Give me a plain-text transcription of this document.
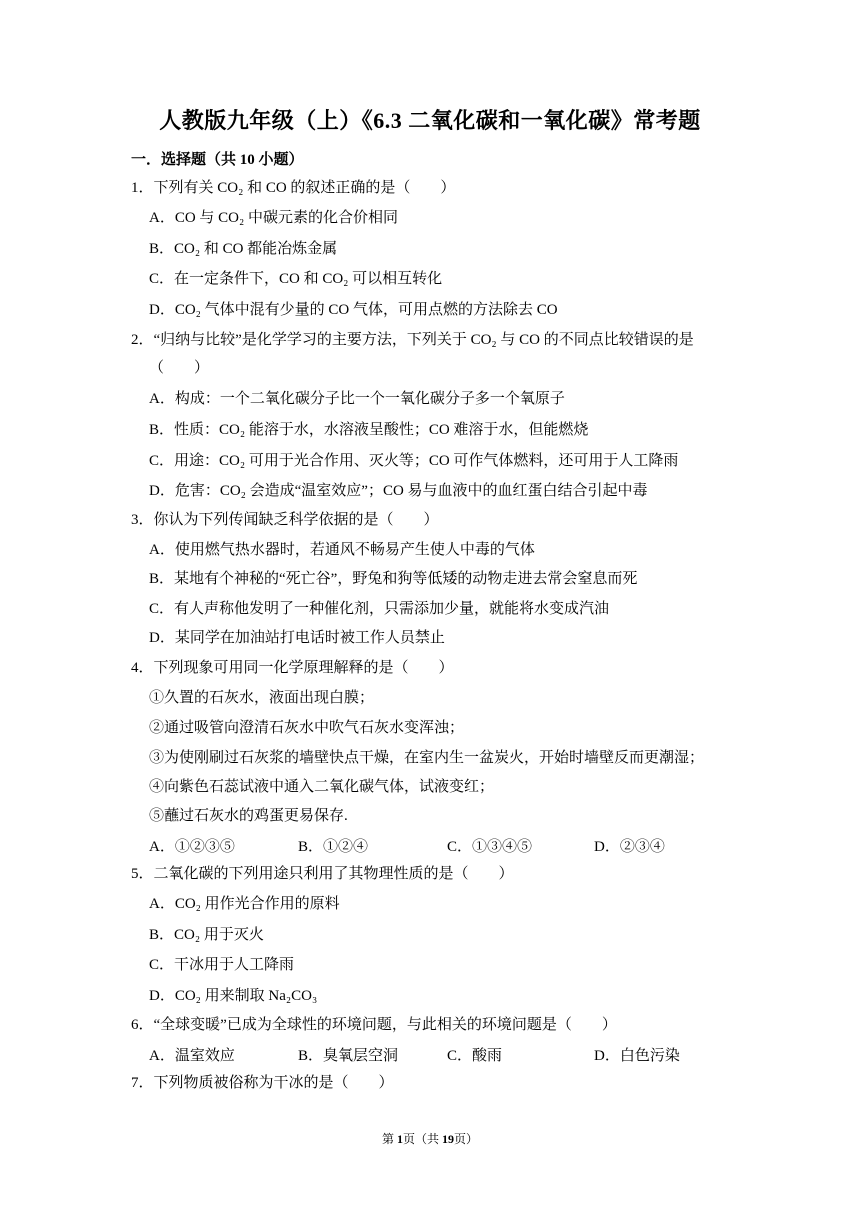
人教版九年级（上）《6.3 二氧化碳和一氧化碳》常考题
一．选择题（共 10 小题）
1．下列有关 CO₂ 和 CO 的叙述正确的是（　　）
A．CO 与 CO₂ 中碳元素的化合价相同
B．CO₂ 和 CO 都能冶炼金属
C．在一定条件下，CO 和 CO₂ 可以相互转化
D．CO₂ 气体中混有少量的 CO 气体，可用点燃的方法除去 CO
2．“归纳与比较”是化学学习的主要方法，下列关于 CO₂ 与 CO 的不同点比较错误的是
（　　）
A．构成：一个二氧化碳分子比一个一氧化碳分子多一个氧原子
B．性质：CO₂ 能溶于水，水溶液呈酸性；CO 难溶于水，但能燃烧
C．用途：CO₂ 可用于光合作用、灭火等；CO 可作气体燃料，还可用于人工降雨
D．危害：CO₂ 会造成“温室效应”；CO 易与血液中的血红蛋白结合引起中毒
3．你认为下列传闻缺乏科学依据的是（　　）
A．使用燃气热水器时，若通风不畅易产生使人中毒的气体
B．某地有个神秘的“死亡谷”，野兔和狗等低矮的动物走进去常会窒息而死
C．有人声称他发明了一种催化剂，只需添加少量，就能将水变成汽油
D．某同学在加油站打电话时被工作人员禁止
4．下列现象可用同一化学原理解释的是（　　）
①久置的石灰水，液面出现白膜；
②通过吸管向澄清石灰水中吹气石灰水变浑浊；
③为使刚刷过石灰浆的墙壁快点干燥，在室内生一盆炭火，开始时墙壁反而更潮湿；
④向紫色石蕊试液中通入二氧化碳气体，试液变红；
⑤蘸过石灰水的鸡蛋更易保存.
A．①②③⑤	B．①②④	C．①③④⑤	D．②③④
5．二氧化碳的下列用途只利用了其物理性质的是（　　）
A．CO₂ 用作光合作用的原料
B．CO₂ 用于灭火
C．干冰用于人工降雨
D．CO₂ 用来制取 Na₂CO₃
6．“全球变暖”已成为全球性的环境问题，与此相关的环境问题是（　　）
A．温室效应	B．臭氧层空洞	C．酸雨	D．白色污染
7．下列物质被俗称为干冰的是（　　）
第 1页（共 19页）
